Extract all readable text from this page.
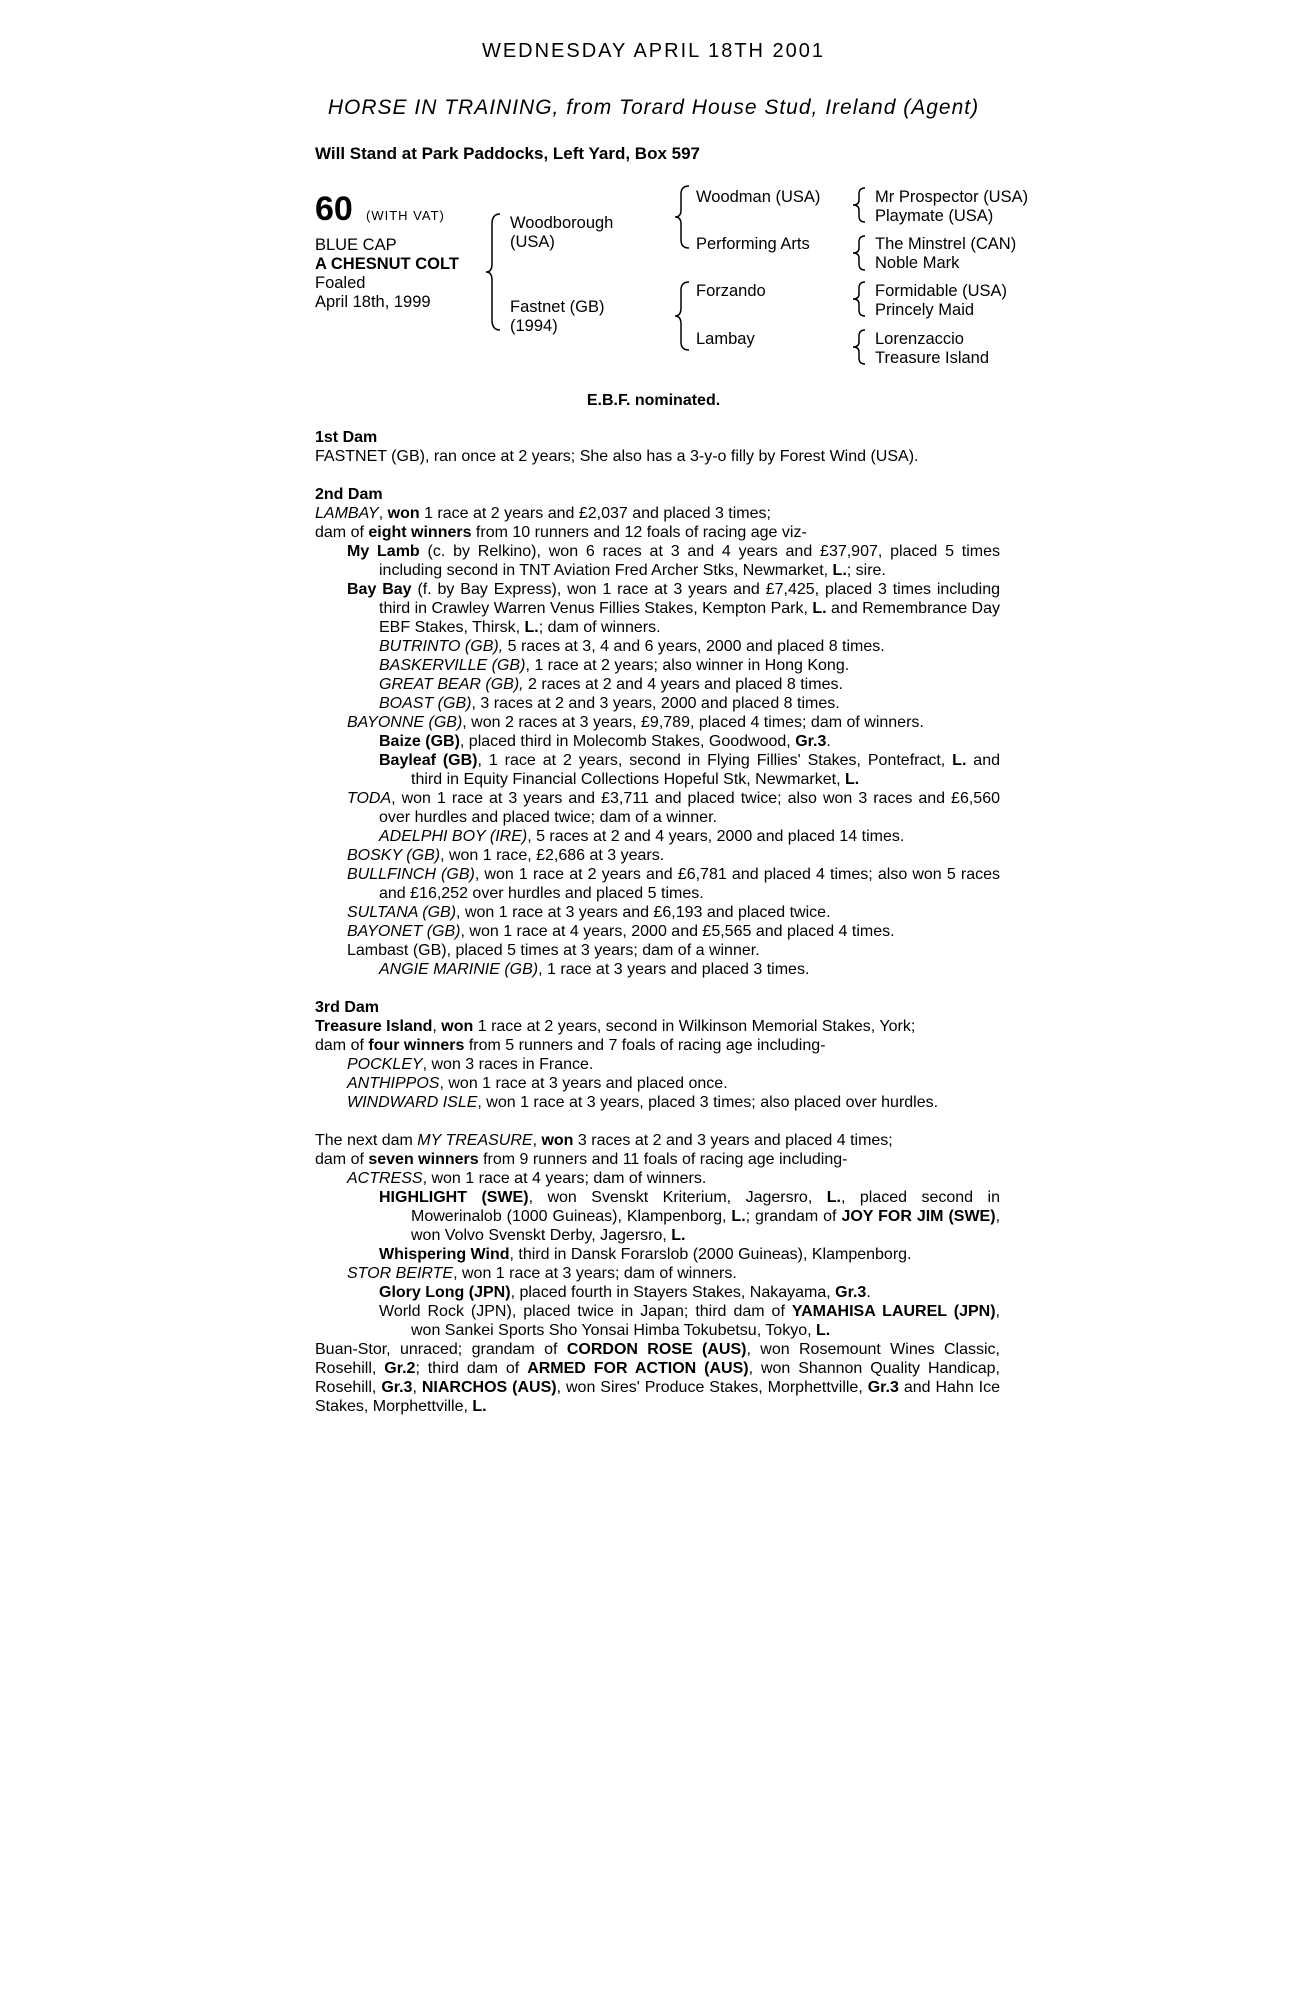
WEDNESDAY APRIL 18TH 2001
HORSE IN TRAINING, from Torard House Stud, Ireland (Agent)
Will Stand at Park Paddocks, Left Yard, Box 597
60 (WITH VAT)
BLUE CAP
A CHESNUT COLT
Foaled
April 18th, 1999
Woodborough
(USA)
Fastnet (GB)
(1994)
Woodman (USA)
Performing Arts
Forzando
Lambay
Mr Prospector (USA)
Playmate (USA)
The Minstrel (CAN)
Noble Mark
Formidable (USA)
Princely Maid
Lorenzaccio
Treasure Island
E.B.F. nominated.

1st Dam

FASTNET (GB), ran once at 2 years; She also has a 3-y-o filly by Forest Wind (USA).

2nd Dam

LAMBAY, won 1 race at 2 years and £2,037 and placed 3 times;

dam of eight winners from 10 runners and 12 foals of racing age viz-

My Lamb (c. by Relkino), won 6 races at 3 and 4 years and £37,907, placed 5 times including second in TNT Aviation Fred Archer Stks, Newmarket, L.; sire.

Bay Bay (f. by Bay Express), won 1 race at 3 years and £7,425, placed 3 times including third in Crawley Warren Venus Fillies Stakes, Kempton Park, L. and Remembrance Day EBF Stakes, Thirsk, L.; dam of winners.

BUTRINTO (GB), 5 races at 3, 4 and 6 years, 2000 and placed 8 times.

BASKERVILLE (GB), 1 race at 2 years; also winner in Hong Kong.

GREAT BEAR (GB), 2 races at 2 and 4 years and placed 8 times.

BOAST (GB), 3 races at 2 and 3 years, 2000 and placed 8 times.

BAYONNE (GB), won 2 races at 3 years, £9,789, placed 4 times; dam of winners.

Baize (GB), placed third in Molecomb Stakes, Goodwood, Gr.3.

Bayleaf (GB), 1 race at 2 years, second in Flying Fillies' Stakes, Pontefract, L. and third in Equity Financial Collections Hopeful Stk, Newmarket, L.

TODA, won 1 race at 3 years and £3,711 and placed twice; also won 3 races and £6,560 over hurdles and placed twice; dam of a winner.

ADELPHI BOY (IRE), 5 races at 2 and 4 years, 2000 and placed 14 times.

BOSKY (GB), won 1 race, £2,686 at 3 years.

BULLFINCH (GB), won 1 race at 2 years and £6,781 and placed 4 times; also won 5 races and £16,252 over hurdles and placed 5 times.

SULTANA (GB), won 1 race at 3 years and £6,193 and placed twice.

BAYONET (GB), won 1 race at 4 years, 2000 and £5,565 and placed 4 times.

Lambast (GB), placed 5 times at 3 years; dam of a winner.

ANGIE MARINIE (GB), 1 race at 3 years and placed 3 times.

3rd Dam

Treasure Island, won 1 race at 2 years, second in Wilkinson Memorial Stakes, York;

dam of four winners from 5 runners and 7 foals of racing age including-

POCKLEY, won 3 races in France.

ANTHIPPOS, won 1 race at 3 years and placed once.

WINDWARD ISLE, won 1 race at 3 years, placed 3 times; also placed over hurdles.

The next dam MY TREASURE, won 3 races at 2 and 3 years and placed 4 times;

dam of seven winners from 9 runners and 11 foals of racing age including-

ACTRESS, won 1 race at 4 years; dam of winners.

HIGHLIGHT (SWE), won Svenskt Kriterium, Jagersro, L., placed second in Mowerinalob (1000 Guineas), Klampenborg, L.; grandam of JOY FOR JIM (SWE), won Volvo Svenskt Derby, Jagersro, L.

Whispering Wind, third in Dansk Forarslob (2000 Guineas), Klampenborg.

STOR BEIRTE, won 1 race at 3 years; dam of winners.

Glory Long (JPN), placed fourth in Stayers Stakes, Nakayama, Gr.3.

World Rock (JPN), placed twice in Japan; third dam of YAMAHISA LAUREL (JPN), won Sankei Sports Sho Yonsai Himba Tokubetsu, Tokyo, L.

Buan-Stor, unraced; grandam of CORDON ROSE (AUS), won Rosemount Wines Classic, Rosehill, Gr.2; third dam of ARMED FOR ACTION (AUS), won Shannon Quality Handicap, Rosehill, Gr.3, NIARCHOS (AUS), won Sires' Produce Stakes, Morphettville, Gr.3 and Hahn Ice Stakes, Morphettville, L.
